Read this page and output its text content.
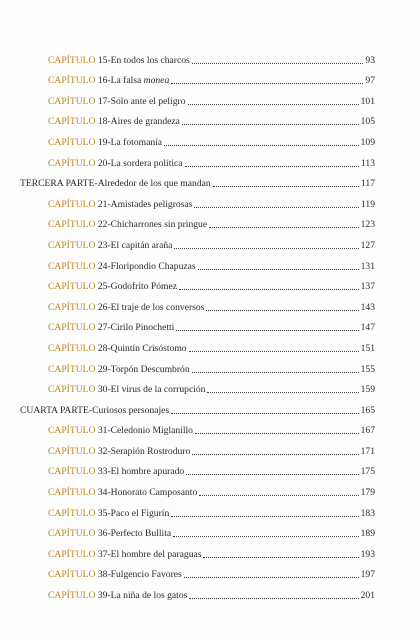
CAPÍTULO 15-En todos los charcos	93
CAPÍTULO 16-La falsa monea	97
CAPÍTULO 17-Solo ante el peligro	101
CAPÍTULO 18-Aires de grandeza	105
CAPÍTULO 19-La fotomanía	109
CAPÍTULO 20-La sordera política	113
TERCERA PARTE-Alrededor de los que mandan	117
CAPÍTULO 21-Amistades peligrosas	119
CAPÍTULO 22-Chicharrones sin pringue	123
CAPÍTULO 23-El capitán araña	127
CAPÍTULO 24-Floripondio Chapuzas	131
CAPÍTULO 25-Godofrito Pómez	137
CAPÍTULO 26-El traje de los conversos	143
CAPÍTULO 27-Cirilo Pinochetti	147
CAPÍTULO 28-Quintín Crisóstomo	151
CAPÍTULO 29-Torpón Descumbrón	155
CAPÍTULO 30-El virus de la corrupción	159
CUARTA PARTE-Curiosos personajes	165
CAPÍTULO 31-Celedonio Miglanillo	167
CAPÍTULO 32-Serapión Rostroduro	171
CAPÍTULO 33-El hombre apurado	175
CAPÍTULO 34-Honorato Camposanto	179
CAPÍTULO 35-Paco el Figurín	183
CAPÍTULO 36-Perfecto Bullita	189
CAPÍTULO 37-El hombre del paraguas	193
CAPÍTULO 38-Fulgencio Favores	197
CAPÍTULO 39-La niña de los gatos	201
